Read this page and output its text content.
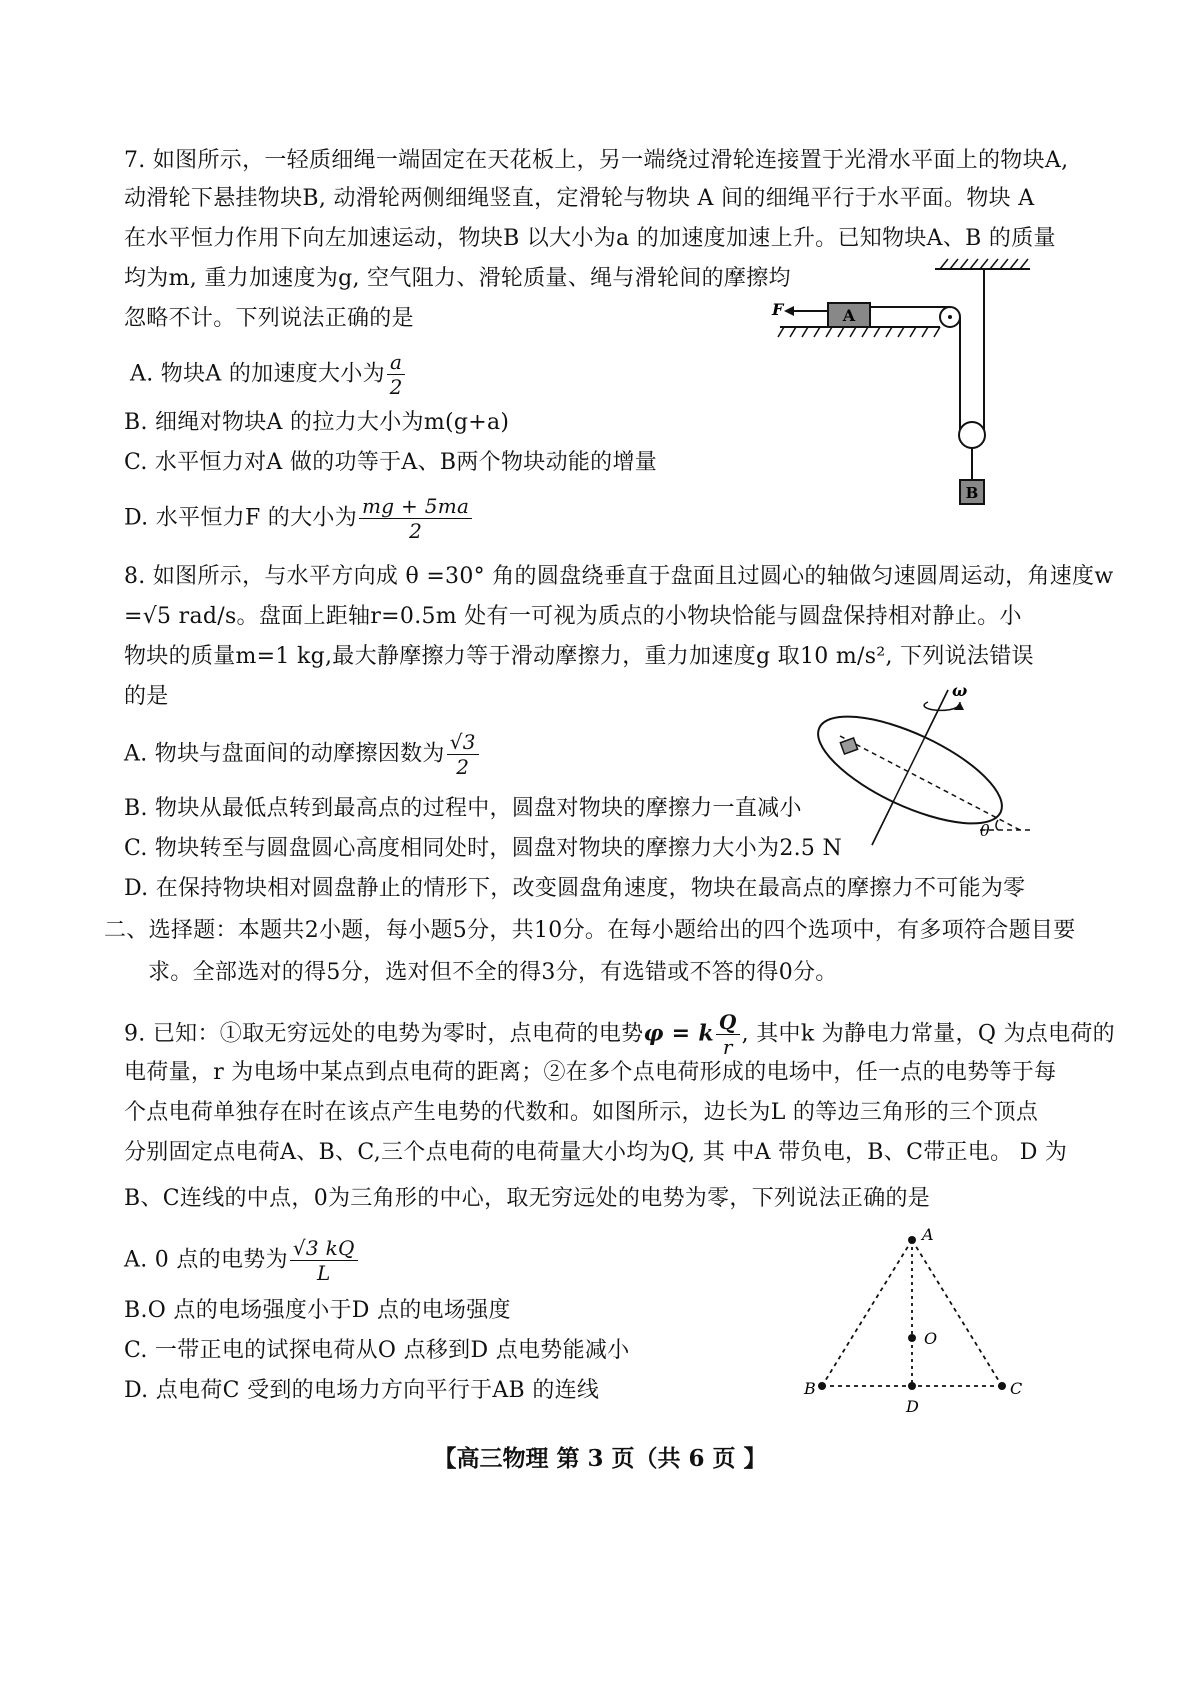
7. 如图所示，一轻质细绳一端固定在天花板上，另一端绕过滑轮连接置于光滑水平面上的物块A,
动滑轮下悬挂物块B, 动滑轮两侧细绳竖直，定滑轮与物块 A 间的细绳平行于水平面。物块 A
在水平恒力作用下向左加速运动，物块B 以大小为a 的加速度加速上升。已知物块A、B 的质量
均为m, 重力加速度为g, 空气阻力、滑轮质量、绳与滑轮间的摩擦均
忽略不计。下列说法正确的是
A. 物块A 的加速度大小为 $\frac{a}{2}$
B. 细绳对物块A 的拉力大小为m(g+a)
C. 水平恒力对A 做的功等于A、B两个物块动能的增量
D. 水平恒力F 的大小为 $\frac{mg + 5ma}{2}$
A
F
B
8. 如图所示，与水平方向成 θ =30° 角的圆盘绕垂直于盘面且过圆心的轴做匀速圆周运动，角速度w
=√5 rad/s。盘面上距轴r=0.5m 处有一可视为质点的小物块恰能与圆盘保持相对静止。小
物块的质量m=1 kg,最大静摩擦力等于滑动摩擦力，重力加速度g 取10 m/s², 下列说法错误
的是
A. 物块与盘面间的动摩擦因数为 $\frac{√3}{2}$
B. 物块从最低点转到最高点的过程中，圆盘对物块的摩擦力一直减小
C. 物块转至与圆盘圆心高度相同处时，圆盘对物块的摩擦力大小为2.5 N
D. 在保持物块相对圆盘静止的情形下，改变圆盘角速度，物块在最高点的摩擦力不可能为零
ω
θ
二、选择题：本题共2小题，每小题5分，共10分。在每小题给出的四个选项中，有多项符合题目要
求。全部选对的得5分，选对但不全的得3分，有选错或不答的得0分。
9. 已知：①取无穷远处的电势为零时，点电荷的电势φ = k $\frac{Q}{r}$ , 其中k 为静电力常量，Q 为点电荷的
电荷量，r 为电场中某点到点电荷的距离；②在多个点电荷形成的电场中，任一点的电势等于每
个点电荷单独存在时在该点产生电势的代数和。如图所示，边长为L 的等边三角形的三个顶点
分别固定点电荷A、B、C,三个点电荷的电荷量大小均为Q, 其 中A 带负电，B、C带正电。 D 为
B、C连线的中点，0为三角形的中心，取无穷远处的电势为零，下列说法正确的是
A. 0 点的电势为 $\frac{√3 kQ}{L}$
B.O 点的电场强度小于D 点的电场强度
C. 一带正电的试探电荷从O 点移到D 点电势能减小
D. 点电荷C 受到的电场力方向平行于AB 的连线
A
B	C
D
O
【高三物理 第 3 页（共 6 页 】
